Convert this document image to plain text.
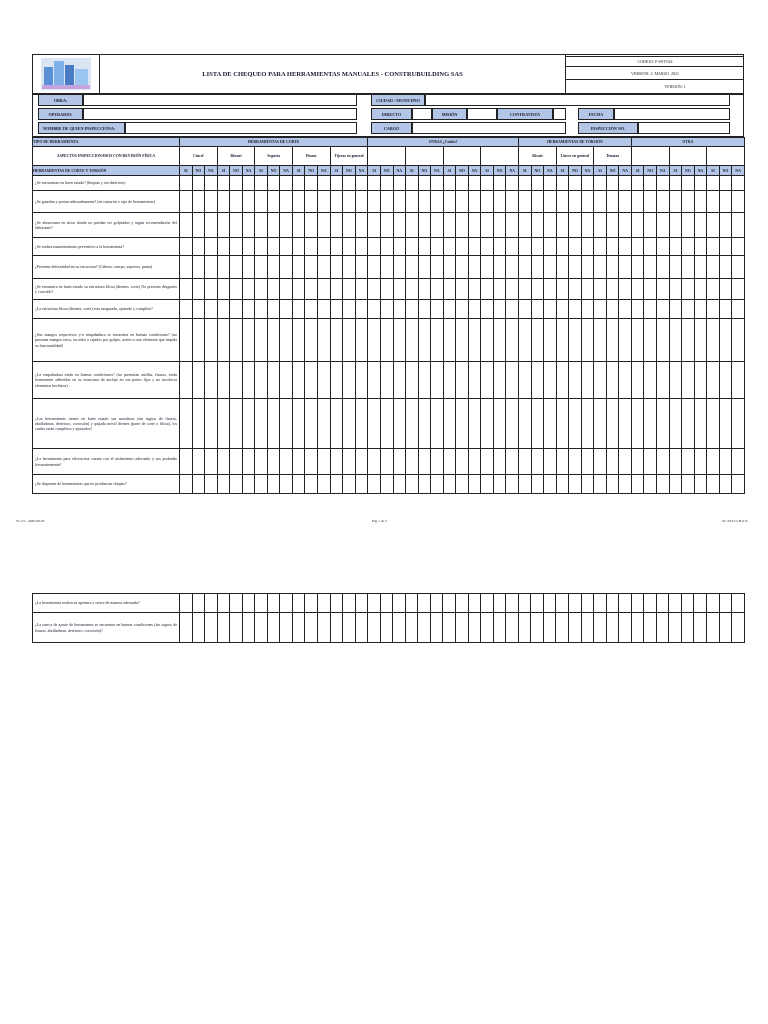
LISTA DE CHEQUEO PARA HERRAMIENTAS MANUALES - CONSTRUBUILDING SAS
CODIGO: F-SST-024
VERSION: 2. MARZO. 2021
VERSION: 1
OBRA:	CIUDAD / MUNICIPIO
OPERARIO:	DIRECTO	MISIÓN	CONTRATISTA	FECHA
NOMBRE DE QUIEN INSPECCIONA:	CARGO	INSPECCIÓN NO.
TIPO DE HERRAMIENTA	HERRAMIENTAS DE CORTE															OTRAS ¿Cuáles?												HERRAMIENTAS DE TORSIÓN									OTRA								
ASPECTOS INSPECCIONADOS CON REVISIÓN FÍSICA	Cincel			Bisturí			Segueta			Pinzas			Tijeras en general															Alicate			Llaves en general			Tenazas											
HERRAMIENTAS DE CORTE Y TORSIÓN	SI	NO	NA	SI	NO	NA	SI	NO	NA	SI	NO	NA	SI	NO	NA	SI	NO	NA	SI	NO	NA	SI	NO	NA	SI	NO	NA	SI	NO	NA	SI	NO	NA	SI	NO	NA	SI	NO	NA	SI	NO	NA	SI	NO	NA
¿Se encuentran en buen estado? (limpias y sin deterioro)																																													
¿Se guardan y portan adecuadamente? (en cinturón o caja de herramientas)																																													
¿Se almacenan en sitios donde no puedan ser golpeadas y según recomendación del fabricante?																																													
¿Se realiza mantenimiento preventivo a la herramienta?																																													
¿Presenta deformidad en su estructura? (Cabeza, cuerpo, soportes, punta)																																													
¿Se encuentra en buen estado su estructura filosa (dientes, corte) No presenta desgastes y corroído?																																													
¿La estructura filosa (dientes, corte) esta asegurada, ajustado y completo?																																													
¿Sus mangos respectivos y/o empuñadura se encuentra en buenas condiciones? (no presenta mangos rotos, torcidos o rajados por golpes, aceite u otro elemento que impida su funcionalidad)																																													
¿La empuñadura están en buenas condiciones? (no presentan astillas, fisuras, están firmemente adheridas en su estructura de anclaje en sus partes fijas y no involucra elementos hechizos)																																													
¿Las herramientas tienen en buen estado sus mordazas (sin signos de fisuras, abolladuras, deterioro, corrosión) y quijada móvil dientes (parte de corte o filosa), los cuales están completos y ajustados?																																													
¿La herramienta para electricista cuenta con el aislamiento adecuado y sus probadas frecuentemente?																																													
¿Se disponen de herramientas que no produzcan chispas?																																													
Vs. 01 - 2020-08-03	Pág 1 de 2	SC-SST-LCH-015
¿La herramienta realiza su apertura y cierre de manera adecuada?																																													
¿La tuerca de ajuste de herramienta se encuentra en buenas condiciones (sin signos de fisuras, abolladuras, deterioro, corrosión)?																																													
